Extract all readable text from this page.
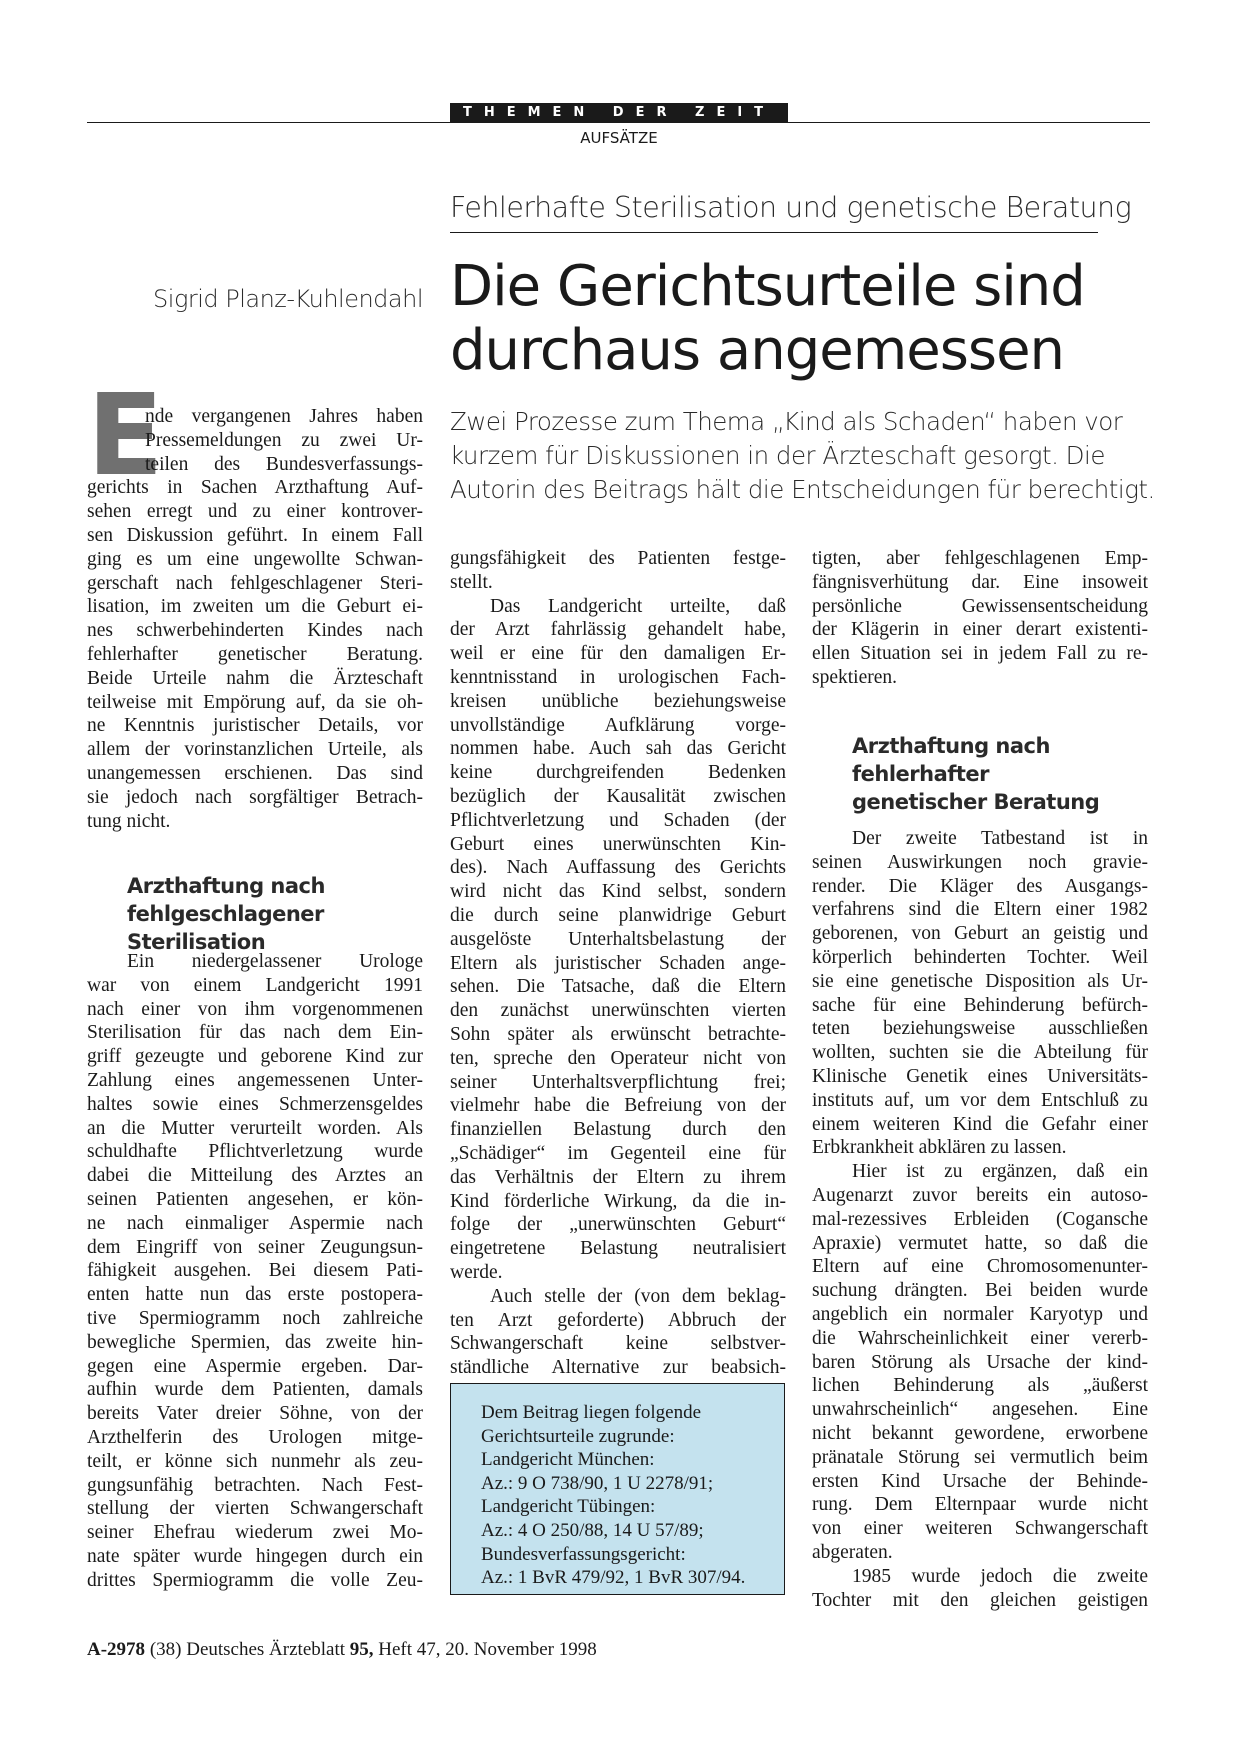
THEMEN DER ZEIT
AUFSÄTZE
Fehlerhafte Sterilisation und genetische Beratung
Sigrid Planz-Kuhlendahl Die Gerichtsurteile sind
durchaus angemessen

Zwei Prozesse zum Thema „Kind als Schaden“ haben vor
kurzem für Diskussionen in der Ärzteschaft gesorgt. Die
Autorin des Beitrags hält die Entscheidungen für berechtigt.

E
nde vergangenen Jahres haben
Pressemeldungen zu zwei Ur-
teilen des Bundesverfassungs-
gerichts in Sachen Arzthaftung Auf-
sehen erregt und zu einer kontrover-
sen Diskussion geführt. In einem Fall
ging es um eine ungewollte Schwan-
gerschaft nach fehlgeschlagener Steri-
lisation, im zweiten um die Geburt ei-
nes schwerbehinderten Kindes nach
fehlerhafter genetischer Beratung.
Beide Urteile nahm die Ärzteschaft
teilweise mit Empörung auf, da sie oh-
ne Kenntnis juristischer Details, vor
allem der vorinstanzlichen Urteile, als
unangemessen erschienen. Das sind
sie jedoch nach sorgfältiger Betrach-
tung nicht.
Arzthaftung nach
fehlgeschlagener
Sterilisation
Ein niedergelassener Urologe
war von einem Landgericht 1991
nach einer von ihm vorgenommenen
Sterilisation für das nach dem Ein-
griff gezeugte und geborene Kind zur
Zahlung eines angemessenen Unter-
haltes sowie eines Schmerzensgeldes
an die Mutter verurteilt worden. Als
schuldhafte Pflichtverletzung wurde
dabei die Mitteilung des Arztes an
seinen Patienten angesehen, er kön-
ne nach einmaliger Aspermie nach
dem Eingriff von seiner Zeugungsun-
fähigkeit ausgehen. Bei diesem Pati-
enten hatte nun das erste postopera-
tive Spermiogramm noch zahlreiche
bewegliche Spermien, das zweite hin-
gegen eine Aspermie ergeben. Dar-
aufhin wurde dem Patienten, damals
bereits Vater dreier Söhne, von der
Arzthelferin des Urologen mitge-
teilt, er könne sich nunmehr als zeu-
gungsunfähig betrachten. Nach Fest-
stellung der vierten Schwangerschaft
seiner Ehefrau wiederum zwei Mo-
nate später wurde hingegen durch ein
drittes Spermiogramm die volle Zeu-
gungsfähigkeit des Patienten festge-
stellt.
Das Landgericht urteilte, daß
der Arzt fahrlässig gehandelt habe,
weil er eine für den damaligen Er-
kenntnisstand in urologischen Fach-
kreisen unübliche beziehungsweise
unvollständige Aufklärung vorge-
nommen habe. Auch sah das Gericht
keine durchgreifenden Bedenken
bezüglich der Kausalität zwischen
Pflichtverletzung und Schaden (der
Geburt eines unerwünschten Kin-
des). Nach Auffassung des Gerichts
wird nicht das Kind selbst, sondern
die durch seine planwidrige Geburt
ausgelöste Unterhaltsbelastung der
Eltern als juristischer Schaden ange-
sehen. Die Tatsache, daß die Eltern
den zunächst unerwünschten vierten
Sohn später als erwünscht betrachte-
ten, spreche den Operateur nicht von
seiner Unterhaltsverpflichtung frei;
vielmehr habe die Befreiung von der
finanziellen Belastung durch den
„Schädiger“ im Gegenteil eine für
das Verhältnis der Eltern zu ihrem
Kind förderliche Wirkung, da die in-
folge der „unerwünschten Geburt“
eingetretene Belastung neutralisiert
werde.
Auch stelle der (von dem beklag-
ten Arzt geforderte) Abbruch der
Schwangerschaft keine selbstver-
ständliche Alternative zur beabsich-
Dem Beitrag liegen folgende
Gerichtsurteile zugrunde:
Landgericht München:
Az.: 9 O 738/90, 1 U 2278/91;
Landgericht Tübingen:
Az.: 4 O 250/88, 14 U 57/89;
Bundesverfassungsgericht:
Az.: 1 BvR 479/92, 1 BvR 307/94.
tigten, aber fehlgeschlagenen Emp-
fängnisverhütung dar. Eine insoweit
persönliche Gewissensentscheidung
der Klägerin in einer derart existenti-
ellen Situation sei in jedem Fall zu re-
spektieren.
Arzthaftung nach
fehlerhafter
genetischer Beratung
Der zweite Tatbestand ist in
seinen Auswirkungen noch gravie-
render. Die Kläger des Ausgangs-
verfahrens sind die Eltern einer 1982
geborenen, von Geburt an geistig und
körperlich behinderten Tochter. Weil
sie eine genetische Disposition als Ur-
sache für eine Behinderung befürch-
teten beziehungsweise ausschließen
wollten, suchten sie die Abteilung für
Klinische Genetik eines Universitäts-
instituts auf, um vor dem Entschluß zu
einem weiteren Kind die Gefahr einer
Erbkrankheit abklären zu lassen.
Hier ist zu ergänzen, daß ein
Augenarzt zuvor bereits ein autoso-
mal-rezessives Erbleiden (Cogansche
Apraxie) vermutet hatte, so daß die
Eltern auf eine Chromosomenunter-
suchung drängten. Bei beiden wurde
angeblich ein normaler Karyotyp und
die Wahrscheinlichkeit einer vererb-
baren Störung als Ursache der kind-
lichen Behinderung als „äußerst
unwahrscheinlich“ angesehen. Eine
nicht bekannt gewordene, erworbene
pränatale Störung sei vermutlich beim
ersten Kind Ursache der Behinde-
rung. Dem Elternpaar wurde nicht
von einer weiteren Schwangerschaft
abgeraten.
1985 wurde jedoch die zweite
Tochter mit den gleichen geistigen
A-2978 (38) Deutsches Ärzteblatt 95, Heft 47, 20. November 1998
